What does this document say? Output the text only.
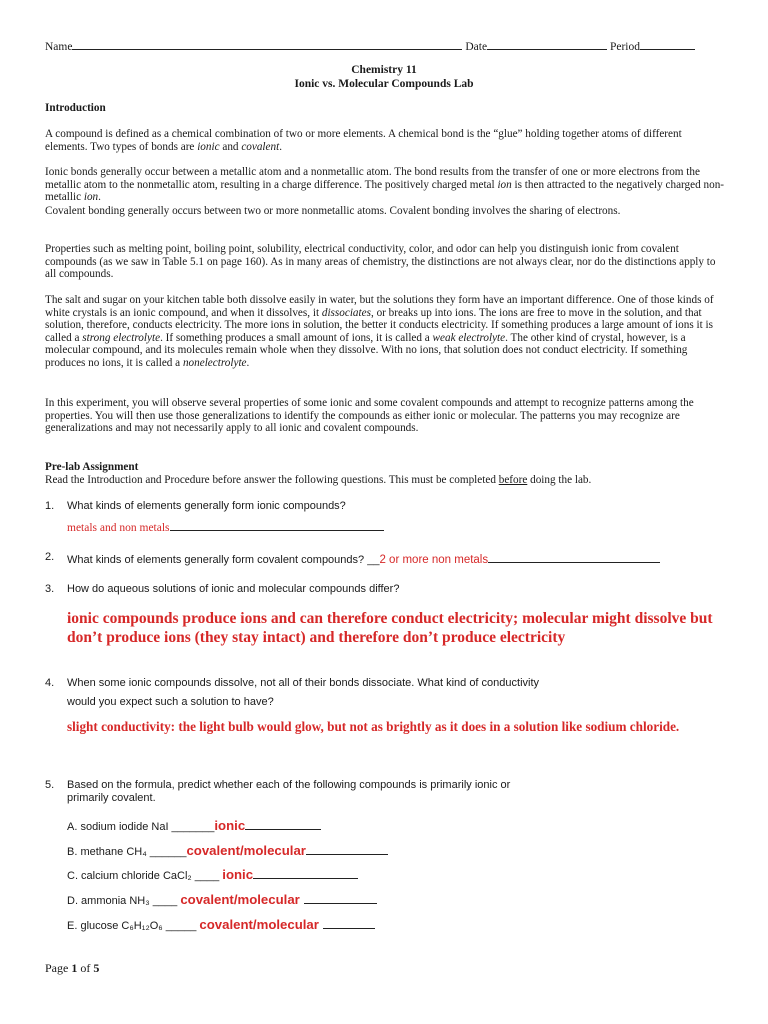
Name	Date	Period
Chemistry 11
Ionic vs. Molecular Compounds Lab
Introduction
A compound is defined as a chemical combination of two or more elements. A chemical bond is the “glue” holding together atoms of different elements. Two types of bonds are ionic and covalent.
Ionic bonds generally occur between a metallic atom and a nonmetallic atom. The bond results from the transfer of one or more electrons from the metallic atom to the nonmetallic atom, resulting in a charge difference. The positively charged metal ion is then attracted to the negatively charged non-metallic ion.
Covalent bonding generally occurs between two or more nonmetallic atoms. Covalent bonding involves the sharing of electrons.
Properties such as melting point, boiling point, solubility, electrical conductivity, color, and odor can help you distinguish ionic from covalent compounds (as we saw in Table 5.1 on page 160). As in many areas of chemistry, the distinctions are not always clear, nor do the distinctions apply to all compounds.
The salt and sugar on your kitchen table both dissolve easily in water, but the solutions they form have an important difference. One of those kinds of white crystals is an ionic compound, and when it dissolves, it dissociates, or breaks up into ions. The ions are free to move in the solution, and that solution, therefore, conducts electricity. The more ions in solution, the better it conducts electricity. If something produces a large amount of ions it is called a strong electrolyte. If something produces a small amount of ions, it is called a weak electrolyte. The other kind of crystal, however, is a molecular compound, and its molecules remain whole when they dissolve. With no ions, that solution does not conduct electricity. If something produces no ions, it is called a nonelectrolyte.
In this experiment, you will observe several properties of some ionic and some covalent compounds and attempt to recognize patterns among the properties. You will then use those generalizations to identify the compounds as either ionic or molecular. The patterns you may recognize are generalizations and may not necessarily apply to all ionic and covalent compounds.
Pre-lab Assignment
Read the Introduction and Procedure before answer the following questions. This must be completed before doing the lab.
1. What kinds of elements generally form ionic compounds?
metals and non metals
2. What kinds of elements generally form covalent compounds? __2 or more non metals
3. How do aqueous solutions of ionic and molecular compounds differ?
ionic compounds produce ions and can therefore conduct electricity; molecular might dissolve but don’t produce ions (they stay intact) and therefore don’t produce electricity
4. When some ionic compounds dissolve, not all of their bonds dissociate. What kind of conductivity
would you expect such a solution to have?
slight conductivity: the light bulb would glow, but not as brightly as it does in a solution like sodium chloride.
5. Based on the formula, predict whether each of the following compounds is primarily ionic or
primarily covalent.
A. sodium iodide NaI _______ionic
B. methane CH₄ ______covalent/molecular
C. calcium chloride CaCl₂ ____ ionic
D. ammonia NH₃ ____ covalent/molecular
E. glucose C₆H₁₂O₆ _____ covalent/molecular
Page 1 of 5
